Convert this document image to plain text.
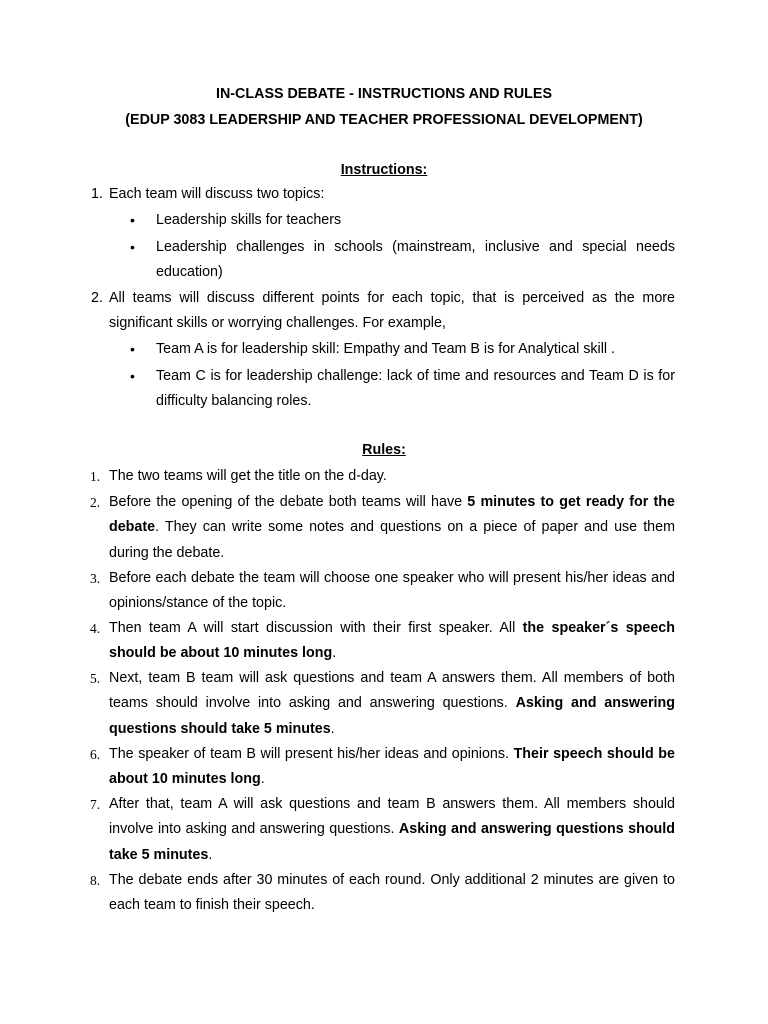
IN-CLASS DEBATE - INSTRUCTIONS AND RULES
(EDUP 3083 LEADERSHIP AND TEACHER PROFESSIONAL DEVELOPMENT)
Instructions:
1. Each team will discuss two topics:
• Leadership skills for teachers
• Leadership challenges in schools (mainstream, inclusive and special needs education)
2. All teams will discuss different points for each topic, that is perceived as the more significant skills or worrying challenges. For example,
• Team A is for leadership skill: Empathy and Team B is for Analytical skill .
• Team C is for leadership challenge: lack of time and resources and Team D is for difficulty balancing roles.
Rules:
1. The two teams will get the title on the d-day.
2. Before the opening of the debate both teams will have 5 minutes to get ready for the debate. They can write some notes and questions on a piece of paper and use them during the debate.
3. Before each debate the team will choose one speaker who will present his/her ideas and opinions/stance of the topic.
4. Then team A will start discussion with their first speaker. All the speaker´s speech should be about 10 minutes long.
5. Next, team B team will ask questions and team A answers them. All members of both teams should involve into asking and answering questions. Asking and answering questions should take 5 minutes.
6. The speaker of team B will present his/her ideas and opinions. Their speech should be about 10 minutes long.
7. After that, team A will ask questions and team B answers them. All members should involve into asking and answering questions. Asking and answering questions should take 5 minutes.
8. The debate ends after 30 minutes of each round. Only additional 2 minutes are given to each team to finish their speech.
